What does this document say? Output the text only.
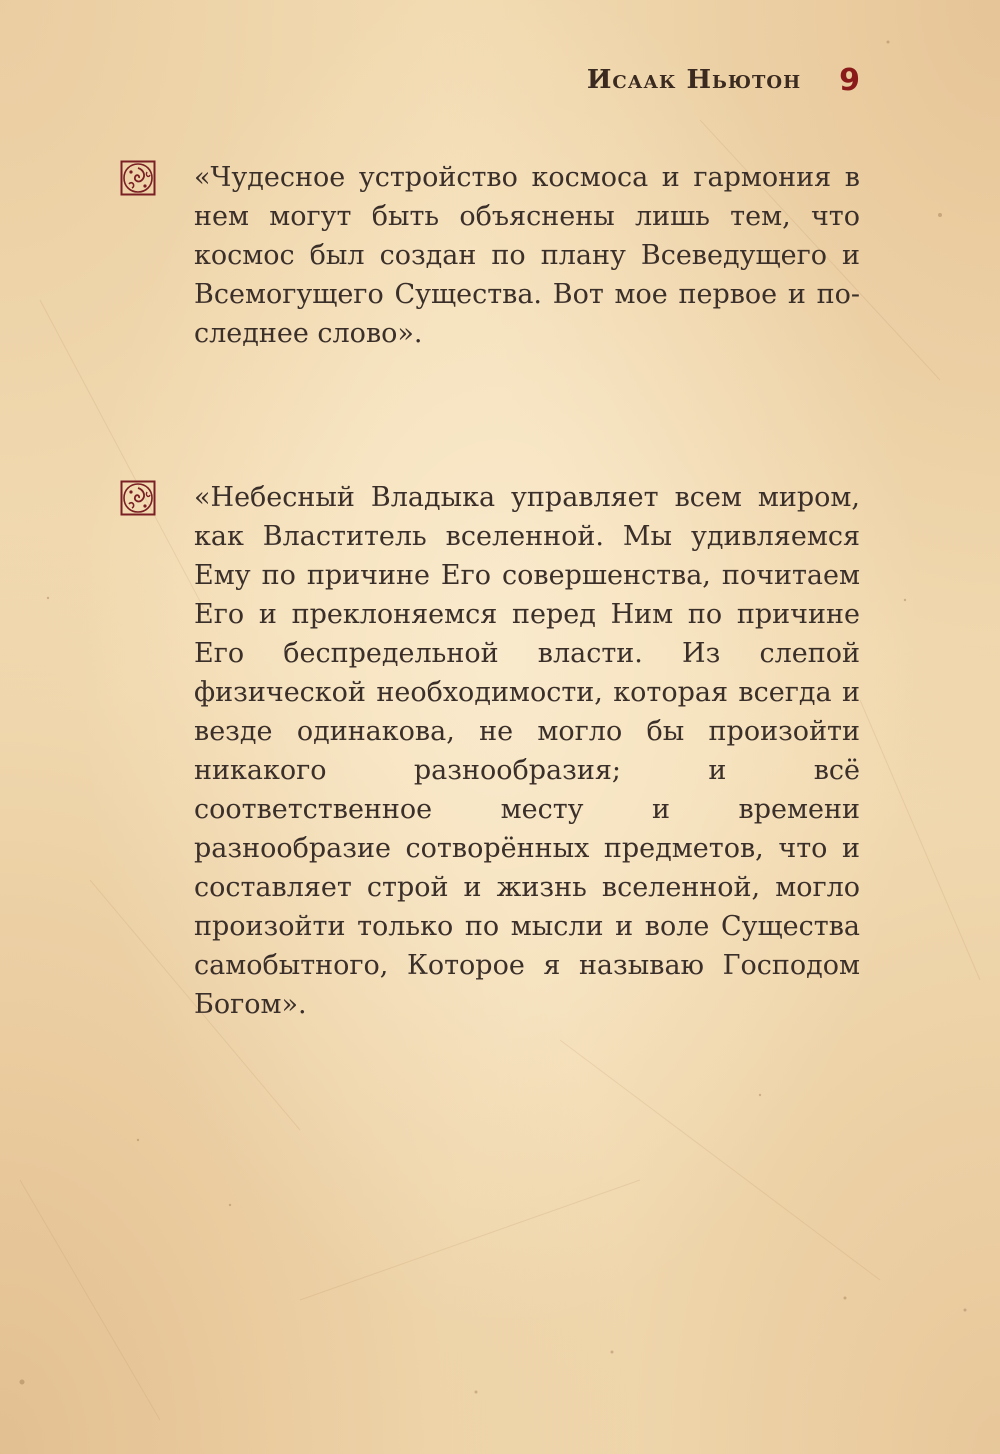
Исаак Ньютон 9
«Чудесное устройство космоса и гармония в нем могут быть объяснены лишь тем, что космос был создан по плану Всеведущего и Всемогущего Существа. Вот мое первое и последнее слово».
«Небесный Владыка управляет всем миром, как Властитель вселенной. Мы удивляемся Ему по причине Его совершенства, почитаем Его и преклоняемся перед Ним по причине Его беспредельной власти. Из слепой физической необходимости, которая всегда и везде одинакова, не могло бы произойти никакого разнообразия; и всё соответственное месту и времени разнообразие сотворённых предметов, что и составляет строй и жизнь вселенной, могло произойти только по мысли и воле Существа самобытного, Которое я называю Господом Богом».
